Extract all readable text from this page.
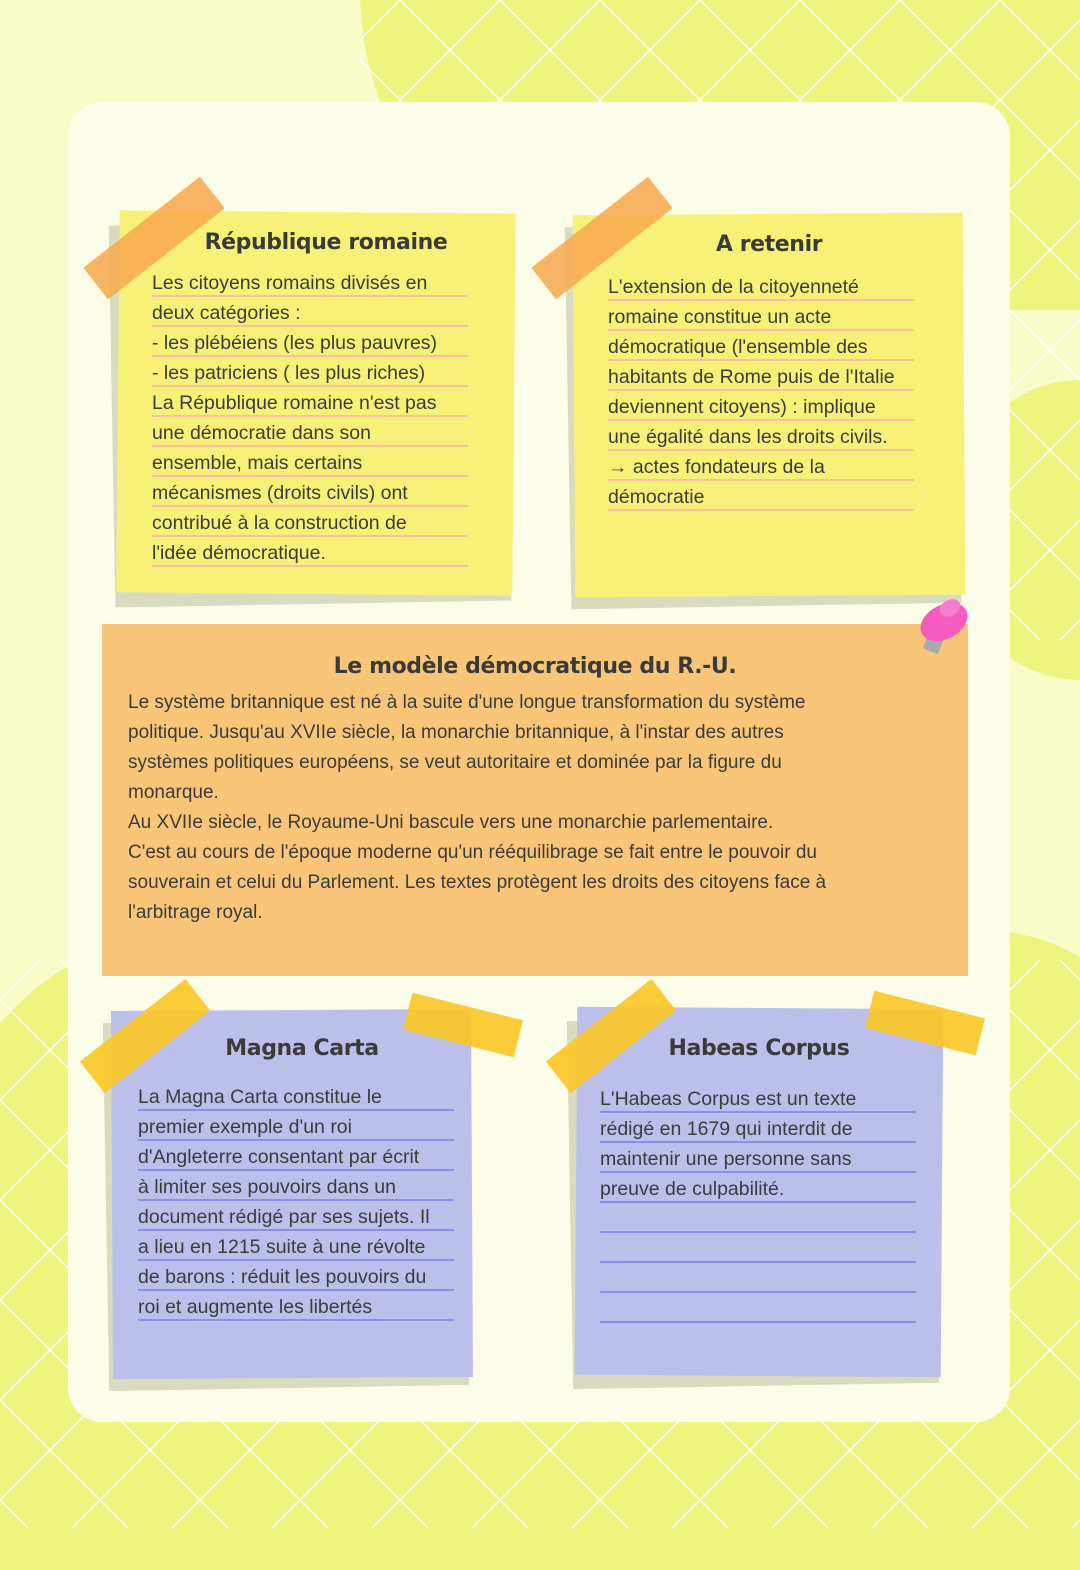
République romaine
Les citoyens romains divisés en
deux catégories :
- les plébéiens (les plus pauvres)
- les patriciens ( les plus riches)
La République romaine n'est pas
une démocratie dans son
ensemble, mais certains
mécanismes (droits civils) ont
contribué à la construction de
l'idée démocratique.
A retenir
L'extension de la citoyenneté
romaine constitue un acte
démocratique (l'ensemble des
habitants de Rome puis de l'Italie
deviennent citoyens) : implique
une égalité dans les droits civils.
→ actes fondateurs de la
démocratie
Le modèle démocratique du R.-U.
Le système britannique est né à la suite d'une longue transformation du système
politique. Jusqu'au XVIIe siècle, la monarchie britannique, à l'instar des autres
systèmes politiques européens, se veut autoritaire et dominée par la figure du
monarque.
Au XVIIe siècle, le Royaume-Uni bascule vers une monarchie parlementaire.
C'est au cours de l'époque moderne qu'un rééquilibrage se fait entre le pouvoir du
souverain et celui du Parlement. Les textes protègent les droits des citoyens face à
l'arbitrage royal.
Magna Carta
La Magna Carta constitue le
premier exemple d'un roi
d'Angleterre consentant par écrit
à limiter ses pouvoirs dans un
document rédigé par ses sujets. Il
a lieu en 1215 suite à une révolte
de barons : réduit les pouvoirs du
roi et augmente les libertés
Habeas Corpus
L'Habeas Corpus est un texte
rédigé en 1679 qui interdit de
maintenir une personne sans
preuve de culpabilité.
